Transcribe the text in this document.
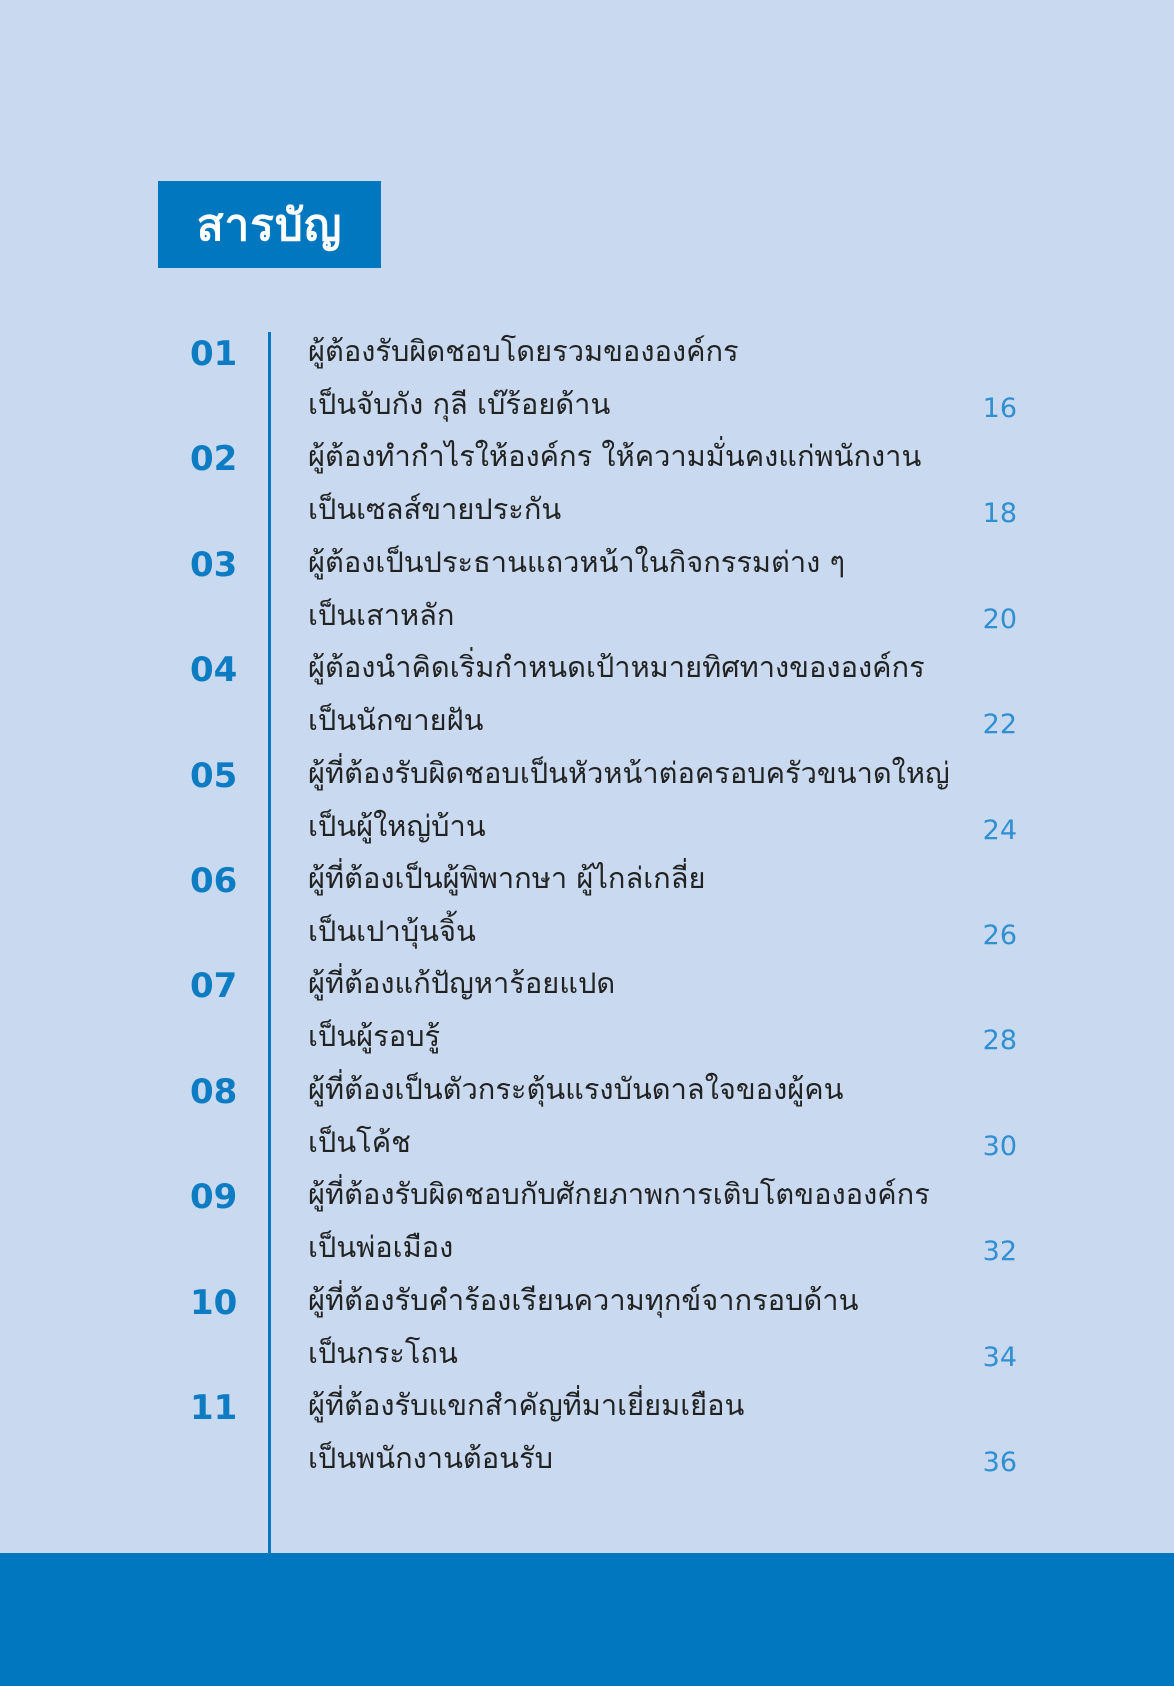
สารบัญ
01 ผู้ต้องรับผิดชอบโดยรวมขององค์กร
เป็นจับกัง กุลี เบ๊ร้อยด้าน	16
02 ผู้ต้องทำกำไรให้องค์กร ให้ความมั่นคงแก่พนักงาน
เป็นเซลส์ขายประกัน	18
03 ผู้ต้องเป็นประธานแถวหน้าในกิจกรรมต่าง ๆ
เป็นเสาหลัก	20
04 ผู้ต้องนำคิดเริ่มกำหนดเป้าหมายทิศทางขององค์กร
เป็นนักขายฝัน	22
05 ผู้ที่ต้องรับผิดชอบเป็นหัวหน้าต่อครอบครัวขนาดใหญ่
เป็นผู้ใหญ่บ้าน	24
06 ผู้ที่ต้องเป็นผู้พิพากษา ผู้ไกล่เกลี่ย
เป็นเปาบุ้นจิ้น	26
07 ผู้ที่ต้องแก้ปัญหาร้อยแปด
เป็นผู้รอบรู้	28
08 ผู้ที่ต้องเป็นตัวกระตุ้นแรงบันดาลใจของผู้คน
เป็นโค้ช	30
09 ผู้ที่ต้องรับผิดชอบกับศักยภาพการเติบโตขององค์กร
เป็นพ่อเมือง	32
10 ผู้ที่ต้องรับคำร้องเรียนความทุกข์จากรอบด้าน
เป็นกระโถน	34
11 ผู้ที่ต้องรับแขกสำคัญที่มาเยี่ยมเยือน
เป็นพนักงานต้อนรับ	36
